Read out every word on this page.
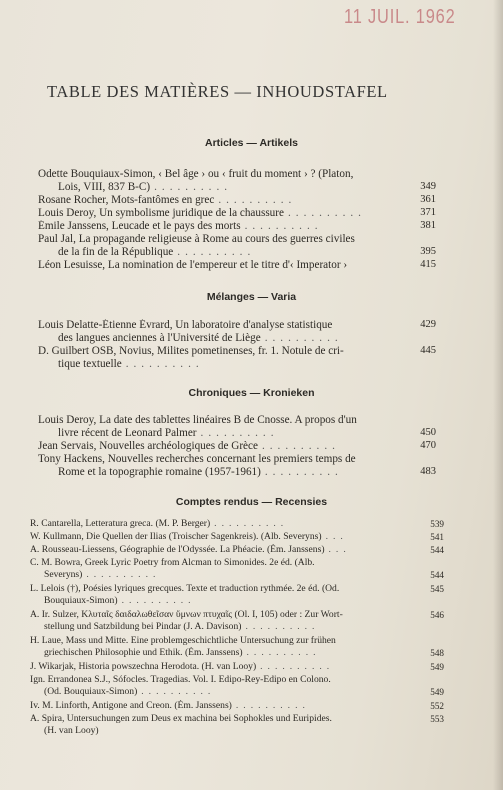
11 JUIL. 1962
TABLE DES MATIÈRES — INHOUDSTAFEL
Articles — Artikels
Odette Bouquiaux-Simon, ‹ Bel âge › ou ‹ fruit du moment › ? (Platon,
Lois, VIII, 837 B-C) ..........	349
Rosane Rocher, Mots-fantômes en grec ..........	361
Louis Deroy, Un symbolisme juridique de la chaussure ..........	371
Émile Janssens, Leucade et le pays des morts ..........	381
Paul Jal, La propagande religieuse à Rome au cours des guerres civiles
de la fin de la République ..........	395
Léon Lesuisse, La nomination de l'empereur et le titre d'‹ Imperator ›	415
Mélanges — Varia
Louis Delatte-Étienne Évrard, Un laboratoire d'analyse statistique	429
des langues anciennes à l'Université de Liège ..........
D. Guilbert OSB, Novius, Milites pometinenses, fr. 1. Notule de cri-	445
tique textuelle ..........
Chroniques — Kronieken
Louis Deroy, La date des tablettes linéaires B de Cnosse. A propos d'un
livre récent de Leonard Palmer ..........	450
Jean Servais, Nouvelles archéologiques de Grèce ..........	470
Tony Hackens, Nouvelles recherches concernant les premiers temps de
Rome et la topographie romaine (1957-1961) ..........	483
Comptes rendus — Recensies
R. Cantarella, Letteratura greca. (M. P. Berger) ..........	539
W. Kullmann, Die Quellen der Ilias (Troischer Sagenkreis). (Alb. Severyns) ...	541
A. Rousseau-Liessens, Géographie de l'Odyssée. La Phéacie. (Ém. Janssens) ...	544
C. M. Bowra, Greek Lyric Poetry from Alcman to Simonides. 2e éd. (Alb.
Severyns) ..........	544
L. Lelois (†), Poésies lyriques grecques. Texte et traduction rythmée. 2e éd. (Od.	545
Bouquiaux-Simon) ..........
A. Ir. Sulzer, Κλυταῖς δαιδαλωθεῖσαν ὕμνων πτυχαῖς (Ol. I, 105) oder : Zur Wort-	546
stellung und Satzbildung bei Pindar (J. A. Davison) ..........
H. Laue, Mass und Mitte. Eine problemgeschichtliche Untersuchung zur frühen
griechischen Philosophie und Ethik. (Ém. Janssens) ..........	548
J. Wikarjak, Historia powszechna Herodota. (H. van Looy) ..........	549
Ign. Errandonea S.J., Sófocles. Tragedias. Vol. I. Edipo-Rey-Edipo en Colono.
(Od. Bouquiaux-Simon) ..........	549
Iv. M. Linforth, Antigone and Creon. (Ém. Janssens) ..........	552
A. Spira, Untersuchungen zum Deus ex machina bei Sophokles und Euripides.	553
(H. van Looy)
